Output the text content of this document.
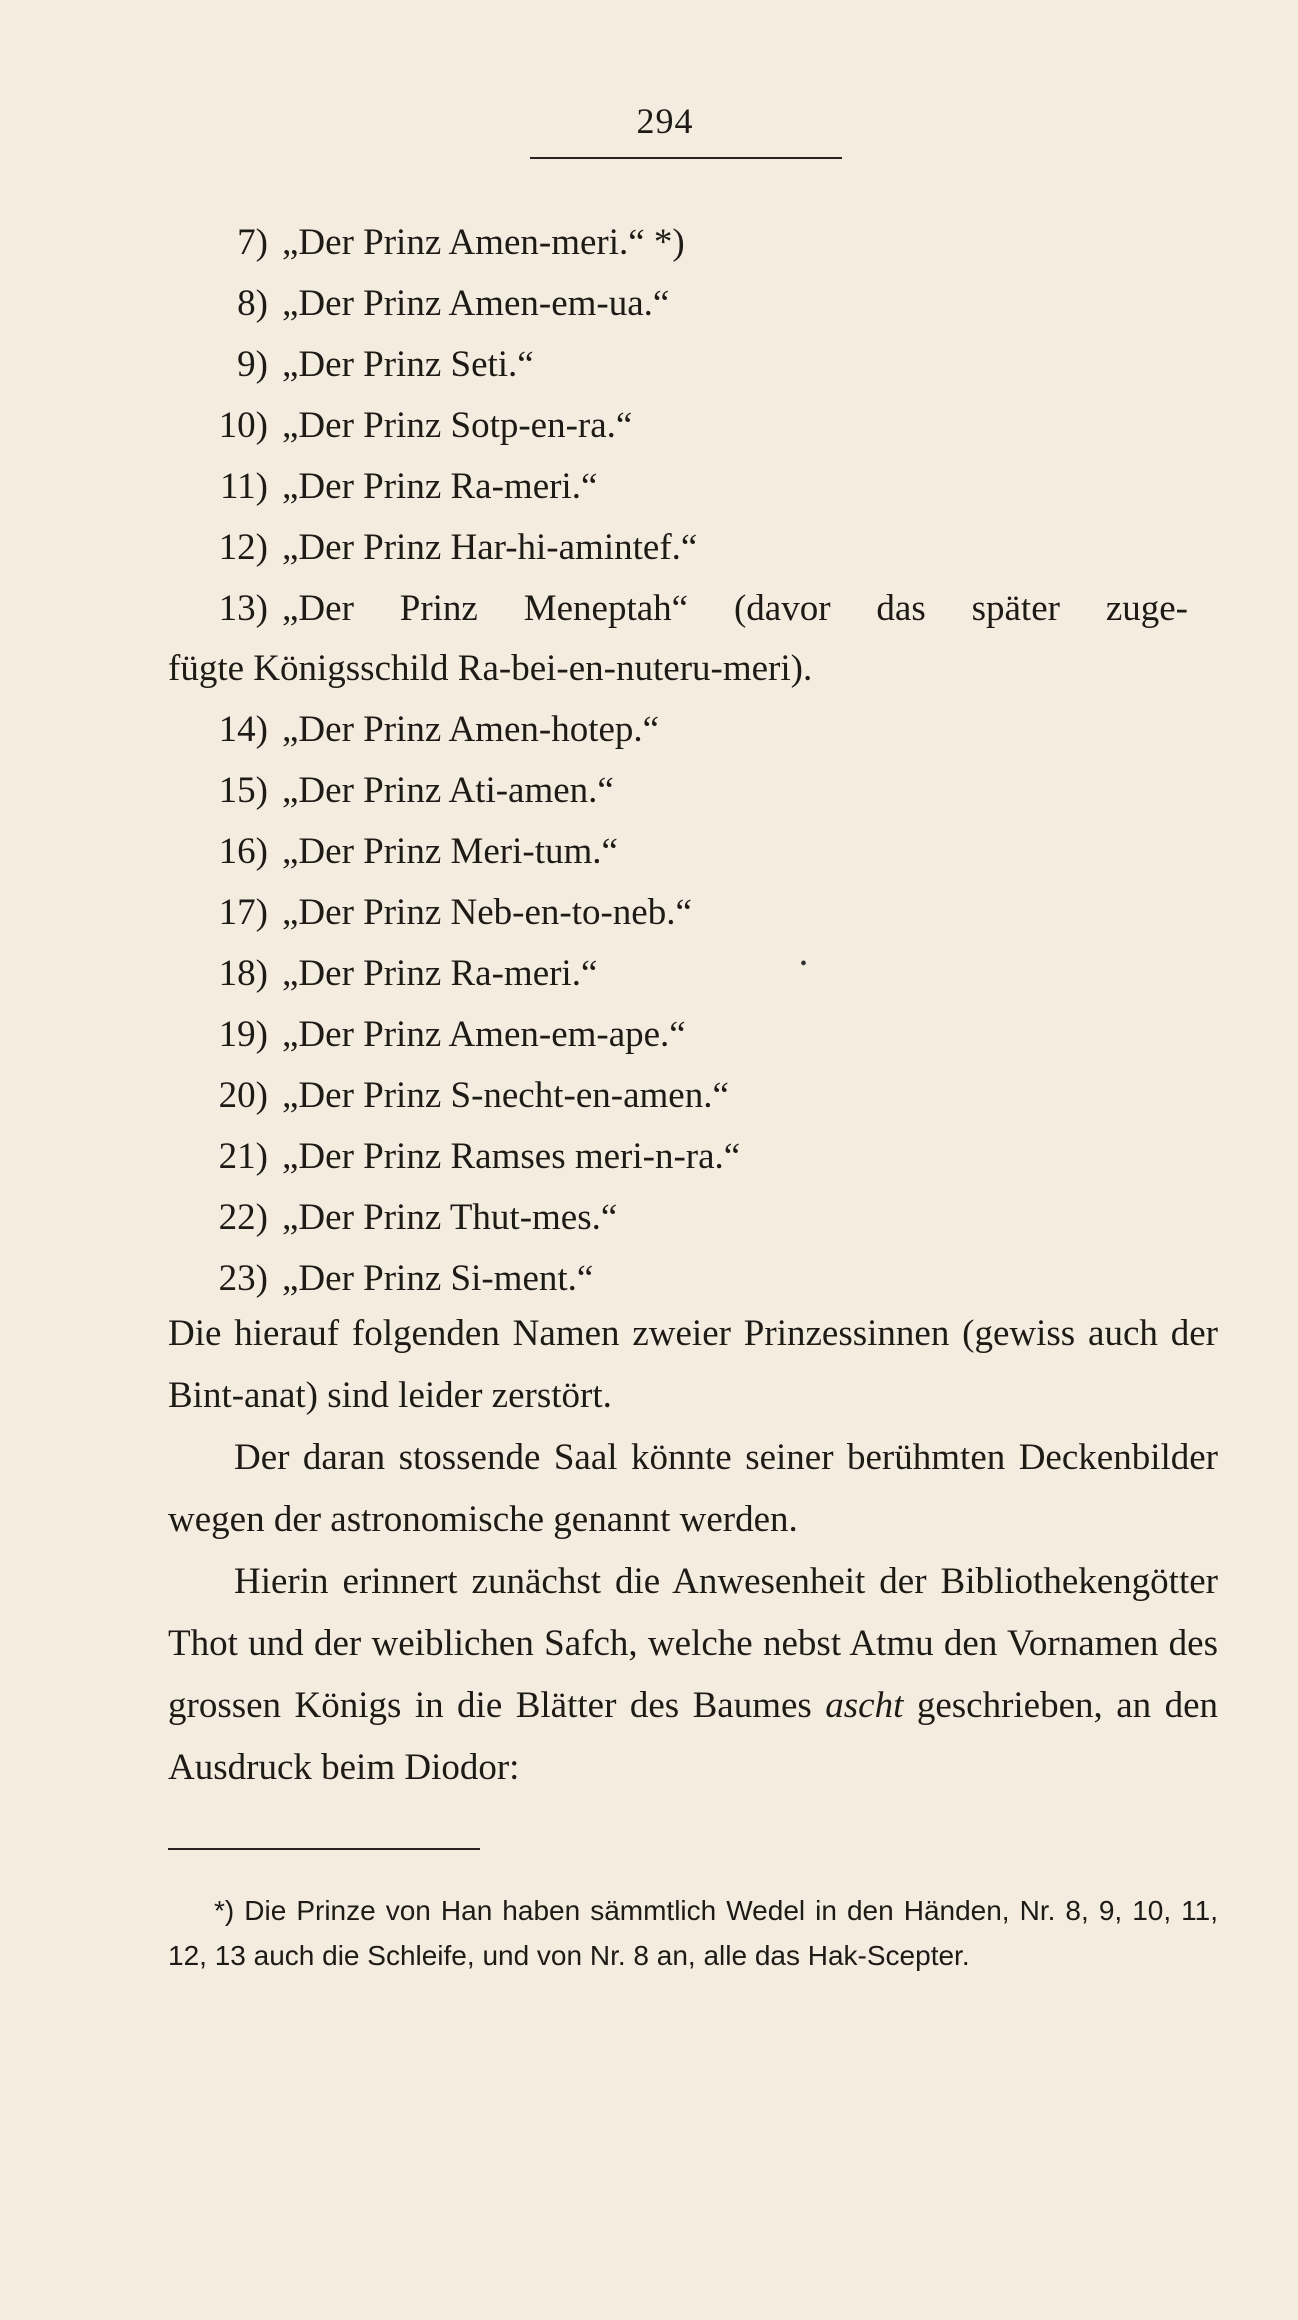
294
7) „Der Prinz Amen-meri.“ *)
8) „Der Prinz Amen-em-ua.“
9) „Der Prinz Seti.“
10) „Der Prinz Sotp-en-ra.“
11) „Der Prinz Ra-meri.“
12) „Der Prinz Har-hi-amintef.“
13) „Der Prinz Meneptah“ (davor das später zuge-
fügte Königsschild Ra-bei-en-nuteru-meri).
14) „Der Prinz Amen-hotep.“
15) „Der Prinz Ati-amen.“
16) „Der Prinz Meri-tum.“
17) „Der Prinz Neb-en-to-neb.“
18) „Der Prinz Ra-meri.“
19) „Der Prinz Amen-em-ape.“
20) „Der Prinz S-necht-en-amen.“
21) „Der Prinz Ramses meri-n-ra.“
22) „Der Prinz Thut-mes.“
23) „Der Prinz Si-ment.“
•

Die hierauf folgenden Namen zweier Prinzessinnen (gewiss auch der Bint-anat) sind leider zerstört.

Der daran stossende Saal könnte seiner berühmten Deckenbilder wegen der astronomische genannt werden.

Hierin erinnert zunächst die Anwesenheit der Bibliothekengötter Thot und der weiblichen Safch, welche nebst Atmu den Vornamen des grossen Königs in die Blätter des Baumes ascht geschrieben, an den Ausdruck beim Diodor:

*) Die Prinze von Han haben sämmtlich Wedel in den Händen, Nr. 8, 9, 10, 11, 12, 13 auch die Schleife, und von Nr. 8 an, alle das Hak-Scepter.
